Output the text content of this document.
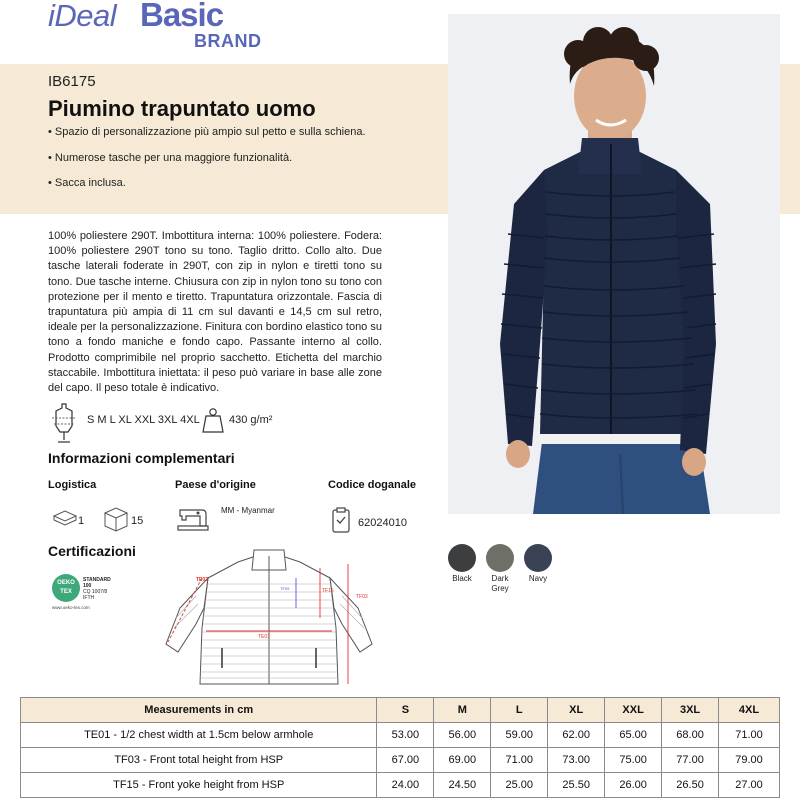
iDeal Basic
BRAND
IB6175
Piumino trapuntato uomo
• Spazio di personalizzazione più ampio sul petto e sulla schiena.
• Numerose tasche per una maggiore funzionalità.
• Sacca inclusa.

100% poliestere 290T. Imbottitura interna: 100% poliestere. Fodera: 100% poliestere 290T tono su tono. Taglio dritto. Collo alto. Due tasche laterali foderate in 290T, con zip in nylon e tiretti tono su tono. Due tasche interne. Chiusura con zip in nylon tono su tono con protezione per il mento e tiretto. Trapuntatura orizzontale. Fascia di trapuntatura più ampia di 11 cm sul davanti e 14,5 cm sul retro, ideale per la personalizzazione. Finitura con bordino elastico tono su tono a fondo maniche e fondo capo. Passante interno al collo. Prodotto comprimibile nel proprio sacchetto. Etichetta del marchio staccabile. Imbottitura iniettata: il peso può variare in base alle zone del capo. Il peso totale è indicativo.

S M L XL XXL 3XL 4XL	430 g/m²
Informazioni complementari
Logistica	Paese d'origine	Codice doganale
1	15
MM - Myanmar
62024010
Certificazioni
OEKO TEX
STANDARD
100
CQ 1007/8
IFTH
www.oeko-tex.com
TE02
TE01
TF03
TF15
TF09
Black	Dark Grey
Navy
Measurements in cm	S	M	L	XL	XXL	3XL	4XL
TE01 - 1/2 chest width at 1.5cm below armhole	53.00	56.00	59.00	62.00	65.00	68.00	71.00
TF03 - Front total height from HSP	67.00	69.00	71.00	73.00	75.00	77.00	79.00
TF15 - Front yoke height from HSP	24.00	24.50	25.00	25.50	26.00	26.50	27.00
